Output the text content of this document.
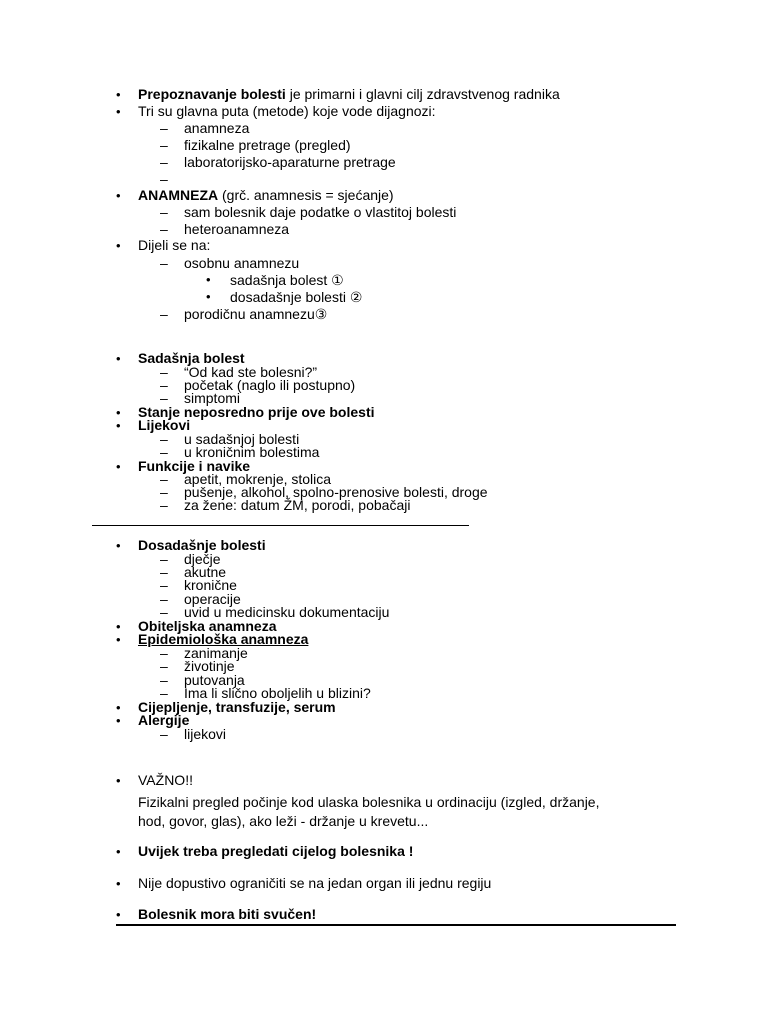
• Prepoznavanje bolesti je primarni i glavni cilj zdravstvenog radnika
• Tri su glavna puta (metode) koje vode dijagnozi:
– anamneza
– fizikalne pretrage (pregled)
– laboratorijsko-aparaturne pretrage
–
• ANAMNEZA (grč. anamnesis = sjećanje)
– sam bolesnik daje podatke o vlastitoj bolesti
– heteroanamneza
• Dijeli se na:
– osobnu anamnezu
• sadašnja bolest ①
• dosadašnje bolesti ②
– porodičnu anamnezu③
• Sadašnja bolest
– “Od kad ste bolesni?”
– početak (naglo ili postupno)
– simptomi
• Stanje neposredno prije ove bolesti
• Lijekovi
– u sadašnjoj bolesti
– u kroničnim bolestima
• Funkcije i navike
– apetit, mokrenje, stolica
– pušenje, alkohol, spolno-prenosive bolesti, droge
– za žene: datum ŽM, porodi, pobačaji
• Dosadašnje bolesti
– dječje
– akutne
– kronične
– operacije
– uvid u medicinsku dokumentaciju
• Obiteljska anamneza
• Epidemiološka anamneza
– zanimanje
– životinje
– putovanja
– Ima li slično oboljelih u blizini?
• Cijepljenje, transfuzije, serum
• Alergije
– lijekovi
• VAŽNO!!
Fizikalni pregled počinje kod ulaska bolesnika u ordinaciju (izgled, držanje,
hod, govor, glas), ako leži - držanje u krevetu...
• Uvijek treba pregledati cijelog bolesnika !
• Nije dopustivo ograničiti se na jedan organ ili jednu regiju
• Bolesnik mora biti svučen!
